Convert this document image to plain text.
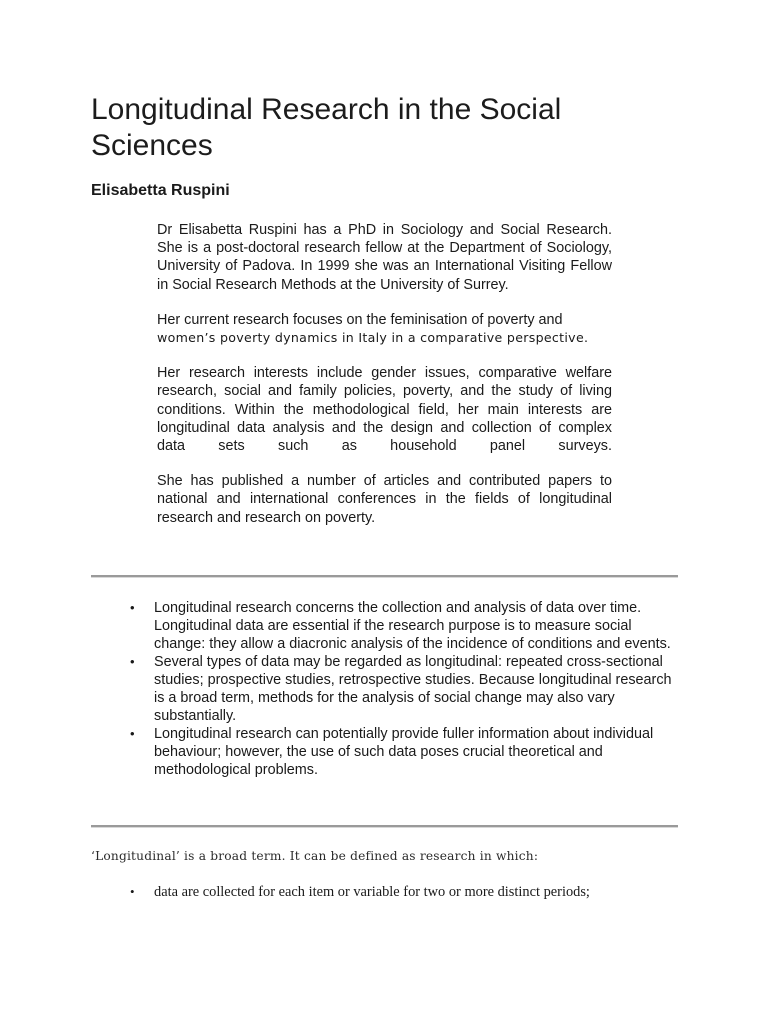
Longitudinal Research in the Social Sciences
Elisabetta Ruspini

Dr Elisabetta Ruspini has a PhD in Sociology and Social Research. She is a post-doctoral research fellow at the Department of Sociology, University of Padova. In 1999 she was an International Visiting Fellow in Social Research Methods at the University of Surrey.

Her current research focuses on the feminisation of poverty and
women’s poverty dynamics in Italy in a comparative perspective.

Her research interests include gender issues, comparative welfare research, social and family policies, poverty, and the study of living conditions. Within the methodological field, her main interests are longitudinal data analysis and the design and collection of complex data sets such as household panel surveys.

She has published a number of articles and contributed papers to national and international conferences in the fields of longitudinal research and research on poverty.

•	Longitudinal research concerns the collection and analysis of data over time. Longitudinal data are essential if the research purpose is to measure social change: they allow a diacronic analysis of the incidence of conditions and events.
•	Several types of data may be regarded as longitudinal: repeated cross-sectional studies; prospective studies, retrospective studies. Because longitudinal research is a broad term, methods for the analysis of social change may also vary substantially.
•	Longitudinal research can potentially provide fuller information about individual behaviour; however, the use of such data poses crucial theoretical and methodological problems.
‘Longitudinal’ is a broad term. It can be defined as research in which:
•	data are collected for each item or variable for two or more distinct periods;
